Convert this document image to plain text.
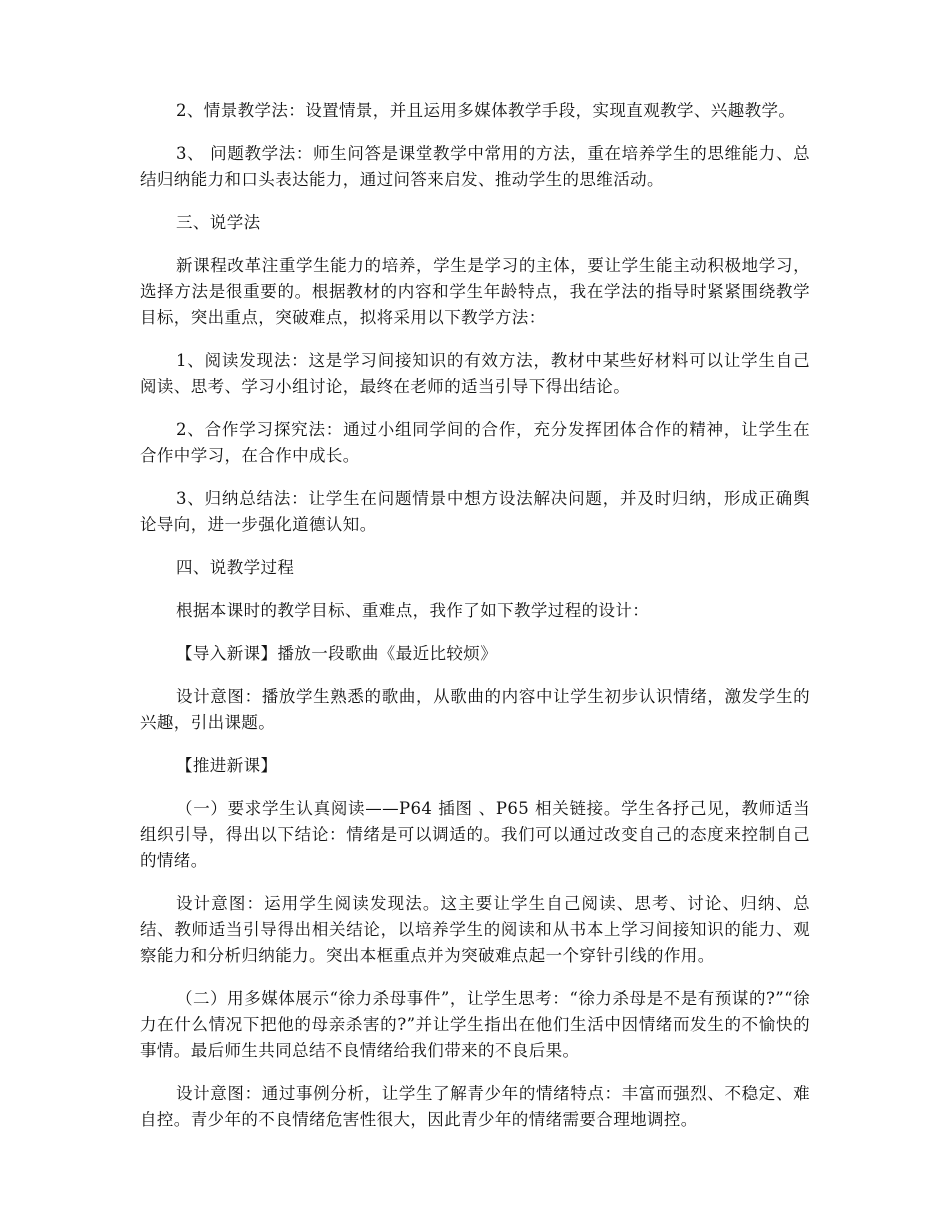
2、情景教学法：设置情景，并且运用多媒体教学手段，实现直观教学、兴趣教学。

3、 问题教学法：师生问答是课堂教学中常用的方法，重在培养学生的思维能力、总结归纳能力和口头表达能力，通过问答来启发、推动学生的思维活动。

三、说学法

新课程改革注重学生能力的培养，学生是学习的主体，要让学生能主动积极地学习，选择方法是很重要的。根据教材的内容和学生年龄特点，我在学法的指导时紧紧围绕教学目标，突出重点，突破难点，拟将采用以下教学方法：

1、阅读发现法：这是学习间接知识的有效方法，教材中某些好材料可以让学生自己阅读、思考、学习小组讨论，最终在老师的适当引导下得出结论。

2、合作学习探究法：通过小组同学间的合作，充分发挥团体合作的精神，让学生在合作中学习，在合作中成长。

3、归纳总结法：让学生在问题情景中想方设法解决问题，并及时归纳，形成正确舆论导向，进一步强化道德认知。

四、说教学过程

根据本课时的教学目标、重难点，我作了如下教学过程的设计：

【导入新课】播放一段歌曲《最近比较烦》

设计意图：播放学生熟悉的歌曲，从歌曲的内容中让学生初步认识情绪，激发学生的兴趣，引出课题。

【推进新课】

（一）要求学生认真阅读——P64 插图 、P65 相关链接。学生各抒己见，教师适当组织引导，得出以下结论：情绪是可以调适的。我们可以通过改变自己的态度来控制自己的情绪。

设计意图：运用学生阅读发现法。这主要让学生自己阅读、思考、讨论、归纳、总结、教师适当引导得出相关结论，以培养学生的阅读和从书本上学习间接知识的能力、观察能力和分析归纳能力。突出本框重点并为突破难点起一个穿针引线的作用。

（二）用多媒体展示“徐力杀母事件”，让学生思考：“徐力杀母是不是有预谋的?”“徐力在什么情况下把他的母亲杀害的?”并让学生指出在他们生活中因情绪而发生的不愉快的事情。最后师生共同总结不良情绪给我们带来的不良后果。

设计意图：通过事例分析，让学生了解青少年的情绪特点：丰富而强烈、不稳定、难自控。青少年的不良情绪危害性很大，因此青少年的情绪需要合理地调控。
